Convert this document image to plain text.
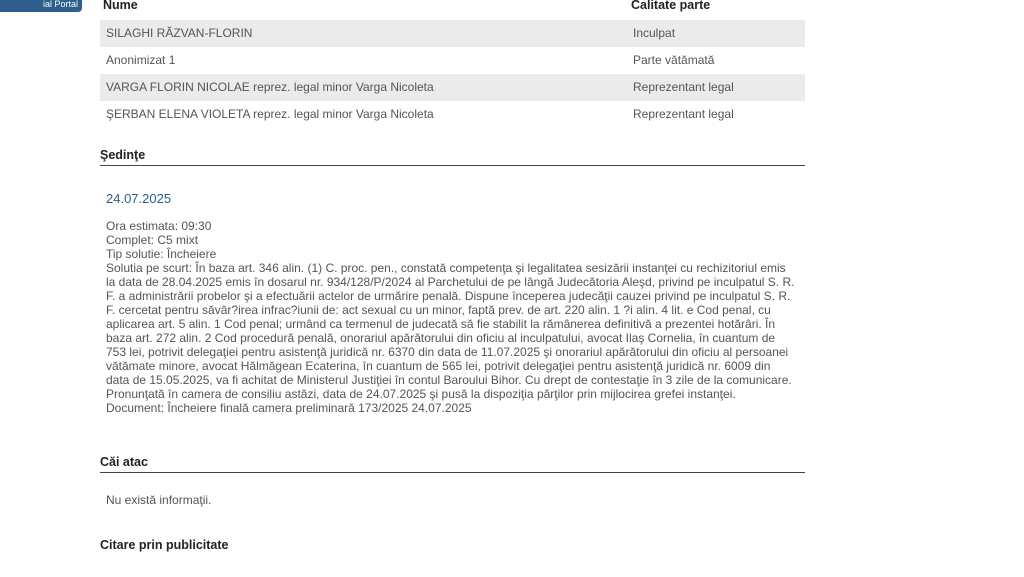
ial Portal	Nume	Calitate parte
SILAGHI RĂZVAN-FLORIN	Inculpat
Anonimizat 1	Parte vătămată
VARGA FLORIN NICOLAE reprez. legal minor Varga Nicoleta	Reprezentant legal
ŞERBAN ELENA VIOLETA reprez. legal minor Varga Nicoleta	Reprezentant legal
Şedinţe
24.07.2025
Ora estimata: 09:30
Complet: C5 mixt
Tip solutie: Încheiere
Solutia pe scurt: În baza art. 346 alin. (1) C. proc. pen., constată competenţa şi legalitatea sesizării instanţei cu rechizitoriul emis la data de 28.04.2025 emis în dosarul nr. 934/128/P/2024 al Parchetului de pe lângă Judecătoria Aleşd, privind pe inculpatul S. R. F. a administrării probelor şi a efectuării actelor de urmărire penală. Dispune începerea judecăţii cauzei privind pe inculpatul S. R. F. cercetat pentru săvâr?irea infrac?iunii de: act sexual cu un minor, faptă prev. de art. 220 alin. 1 ?i alin. 4 lit. e Cod penal, cu aplicarea art. 5 alin. 1 Cod penal; urmând ca termenul de judecată să fie stabilit la rămânerea definitivă a prezentei hotărâri. În baza art. 272 alin. 2 Cod procedură penală, onorariul apărătorului din oficiu al inculpatului, avocat Ilaş Cornelia, în cuantum de 753 lei, potrivit delegaţiei pentru asistenţă juridică nr. 6370 din data de 11.07.2025 şi onorariul apărătorului din oficiu al persoanei vătămate minore, avocat Hălmăgean Ecaterina, în cuantum de 565 lei, potrivit delegaţiei pentru asistenţă juridică nr. 6009 din data de 15.05.2025, va fi achitat de Ministerul Justiţiei în contul Baroului Bihor. Cu drept de contestaţie în 3 zile de la comunicare. Pronunţată în camera de consiliu astăzi, data de 24.07.2025 şi pusă la dispoziţia părţilor prin mijlocirea grefei instanţei.
Document: Încheiere finală camera preliminară 173/2025 24.07.2025
Căi atac
Nu există informaţii.
Citare prin publicitate
